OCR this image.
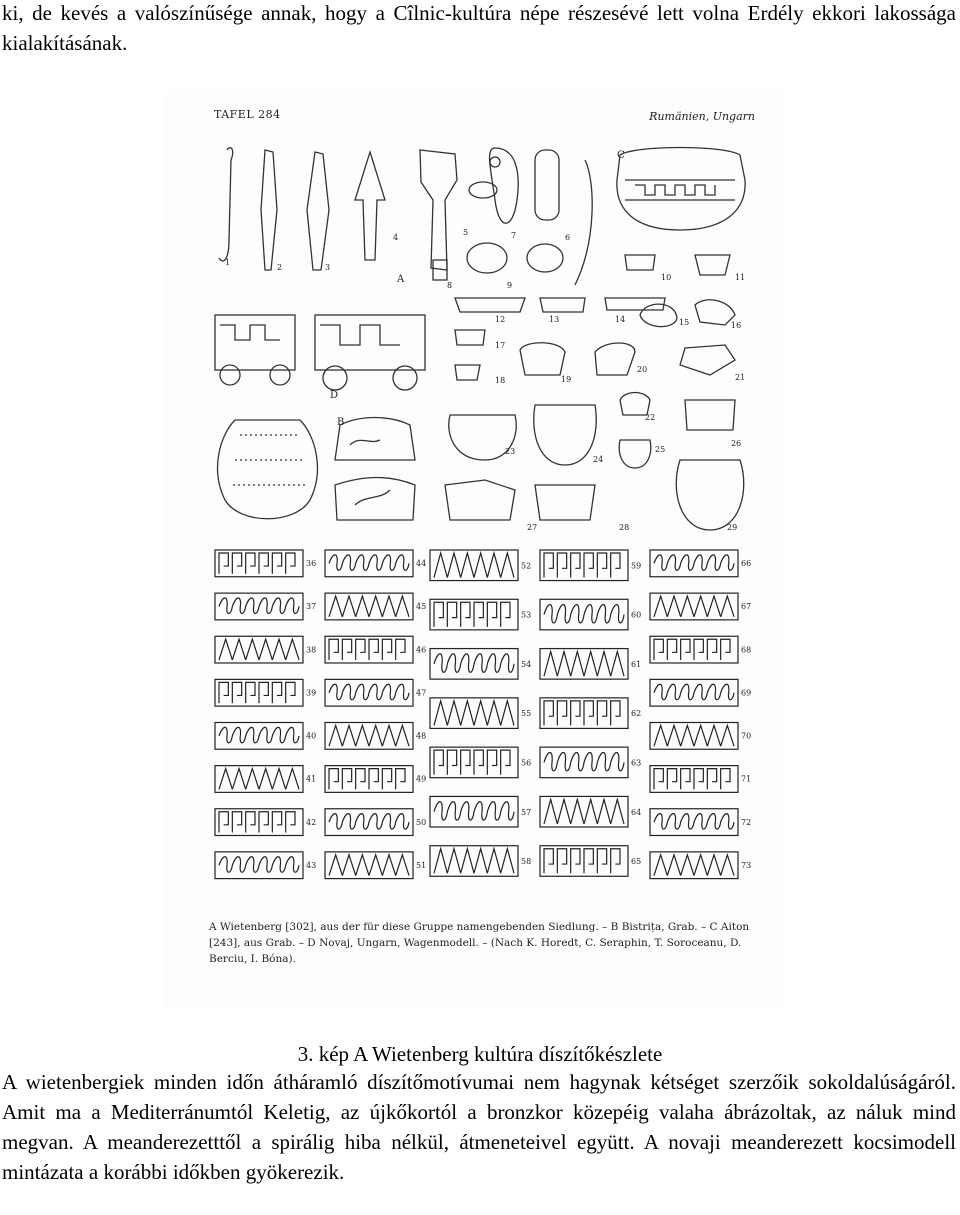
ki, de kevés a valószínűsége annak, hogy a Cîlnic-kultúra népe részesévé lett volna Erdély ekkori lakossága kialakításának.
TAFEL 284	Rumänien, Ungarn
36
37
38
39
40
41
42
43
44
45
46
47
48
49
50
51
52
53
54
55
56
57
58
59
60
61
62
63
64
65
66
67
68
69
70
71
72
73
1
2	3
4
5
6
7
8	9
10	11
12	13	14	15	16
17
18	19
20
21
22
23
24
25
26
27	28	29
A
B
C
D
A Wietenberg [302], aus der für diese Gruppe namengebenden Siedlung. – B Bistrița, Grab. – C Aiton [243], aus Grab. – D Novaj, Ungarn, Wagenmodell. – (Nach K. Horedt, C. Seraphin, T. Soroceanu, D. Berciu, I. Bóna).
3. kép A Wietenberg kultúra díszítőkészlete
A wietenbergiek minden időn átháramló díszítőmotívumai nem hagynak kétséget szerzőik sokoldalúságáról. Amit ma a Mediterránumtól Keletig, az újkőkortól a bronzkor közepéig valaha ábrázoltak, az náluk mind megvan. A meanderezetttől a spirálig hiba nélkül, átmeneteivel együtt. A novaji meanderezett kocsimodell mintázata a korábbi időkben gyökerezik.
